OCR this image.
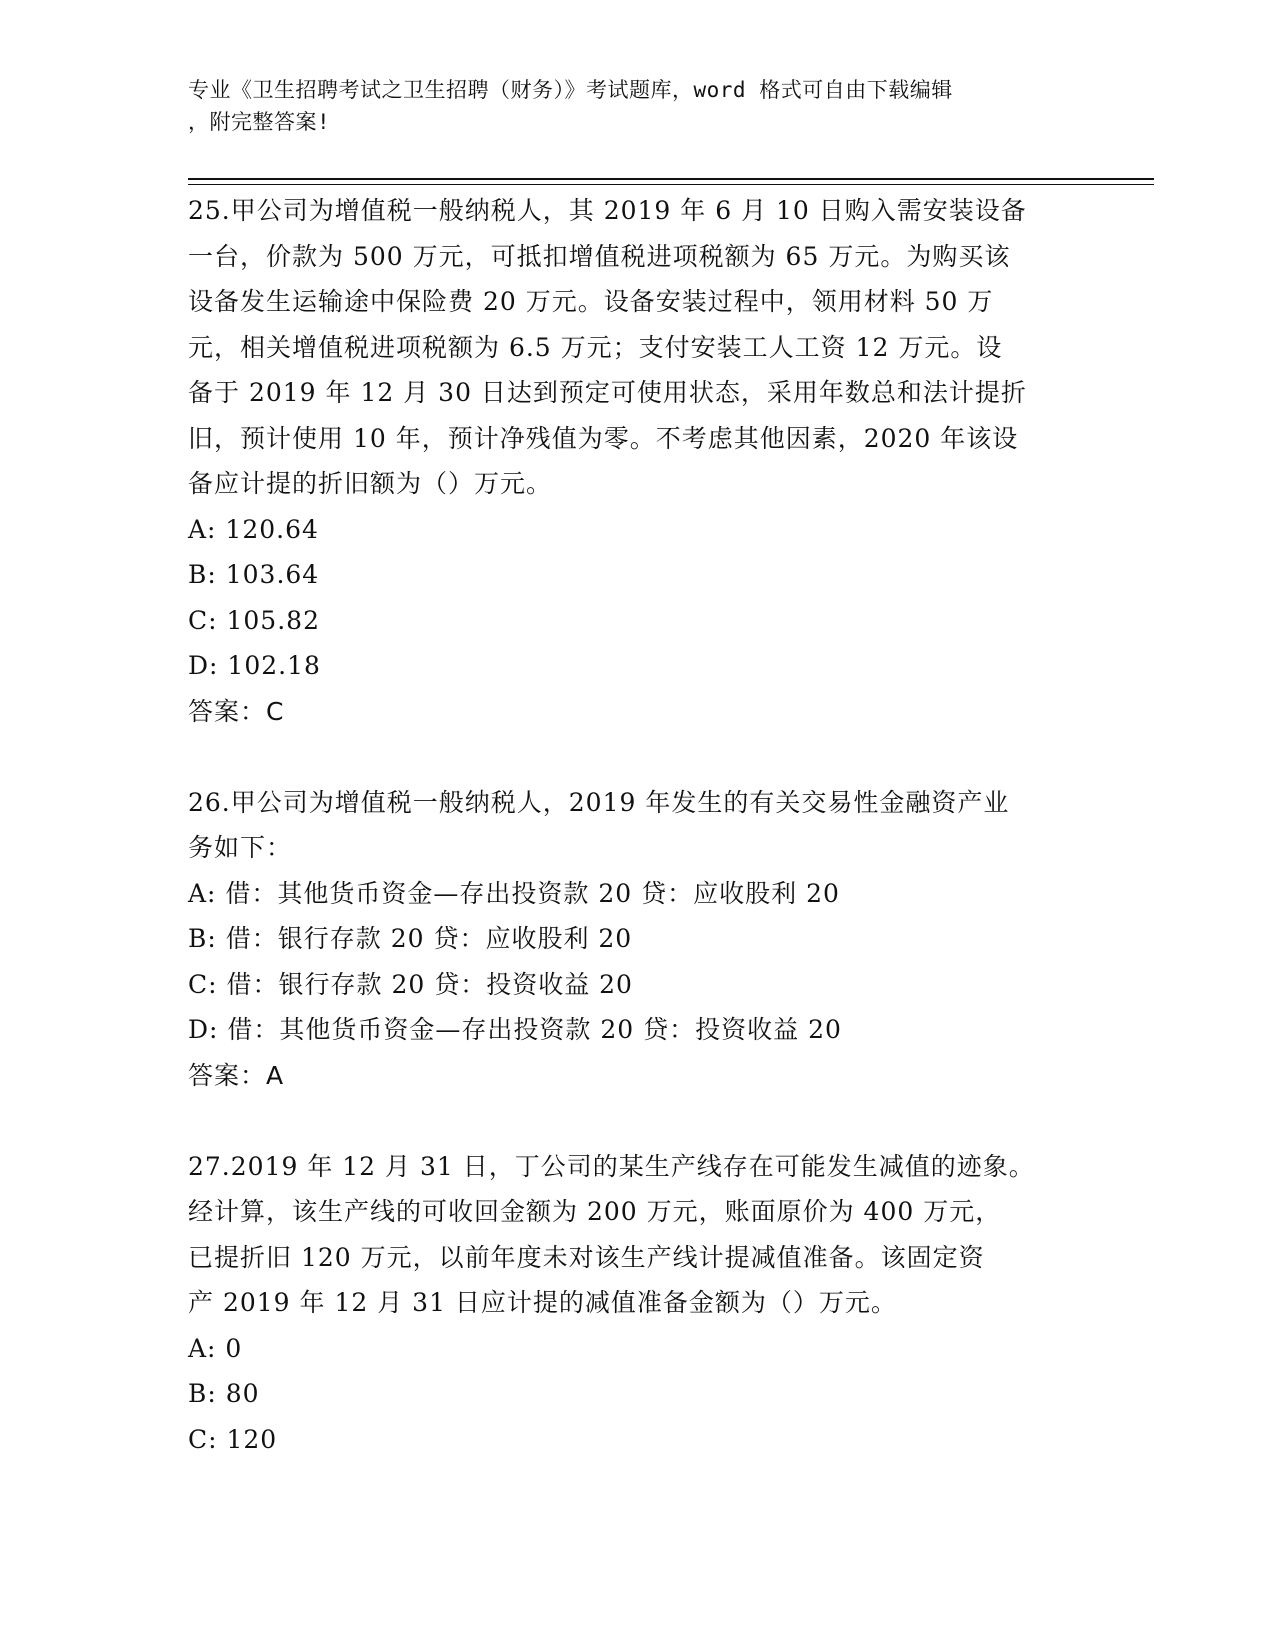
专业《卫生招聘考试之卫生招聘（财务）》考试题库，word 格式可自由下载编辑
，附完整答案!
25.甲公司为增值税一般纳税人，其 2019 年 6 月 10 日购入需安装设备
一台，价款为 500 万元，可抵扣增值税进项税额为 65 万元。为购买该
设备发生运输途中保险费 20 万元。设备安装过程中，领用材料 50 万
元，相关增值税进项税额为 6.5 万元；支付安装工人工资 12 万元。设
备于 2019 年 12 月 30 日达到预定可使用状态，采用年数总和法计提折
旧，预计使用 10 年，预计净残值为零。不考虑其他因素，2020 年该设
备应计提的折旧额为（）万元。
A: 120.64
B: 103.64
C: 105.82
D: 102.18
答案：C
26.甲公司为增值税一般纳税人，2019 年发生的有关交易性金融资产业
务如下：
A: 借：其他货币资金—存出投资款 20 贷：应收股利 20
B: 借：银行存款 20 贷：应收股利 20
C: 借：银行存款 20 贷：投资收益 20
D: 借：其他货币资金—存出投资款 20 贷：投资收益 20
答案：A
27.2019 年 12 月 31 日，丁公司的某生产线存在可能发生减值的迹象。
经计算，该生产线的可收回金额为 200 万元，账面原价为 400 万元，
已提折旧 120 万元，以前年度未对该生产线计提减值准备。该固定资
产 2019 年 12 月 31 日应计提的减值准备金额为（）万元。
A: 0
B: 80
C: 120
